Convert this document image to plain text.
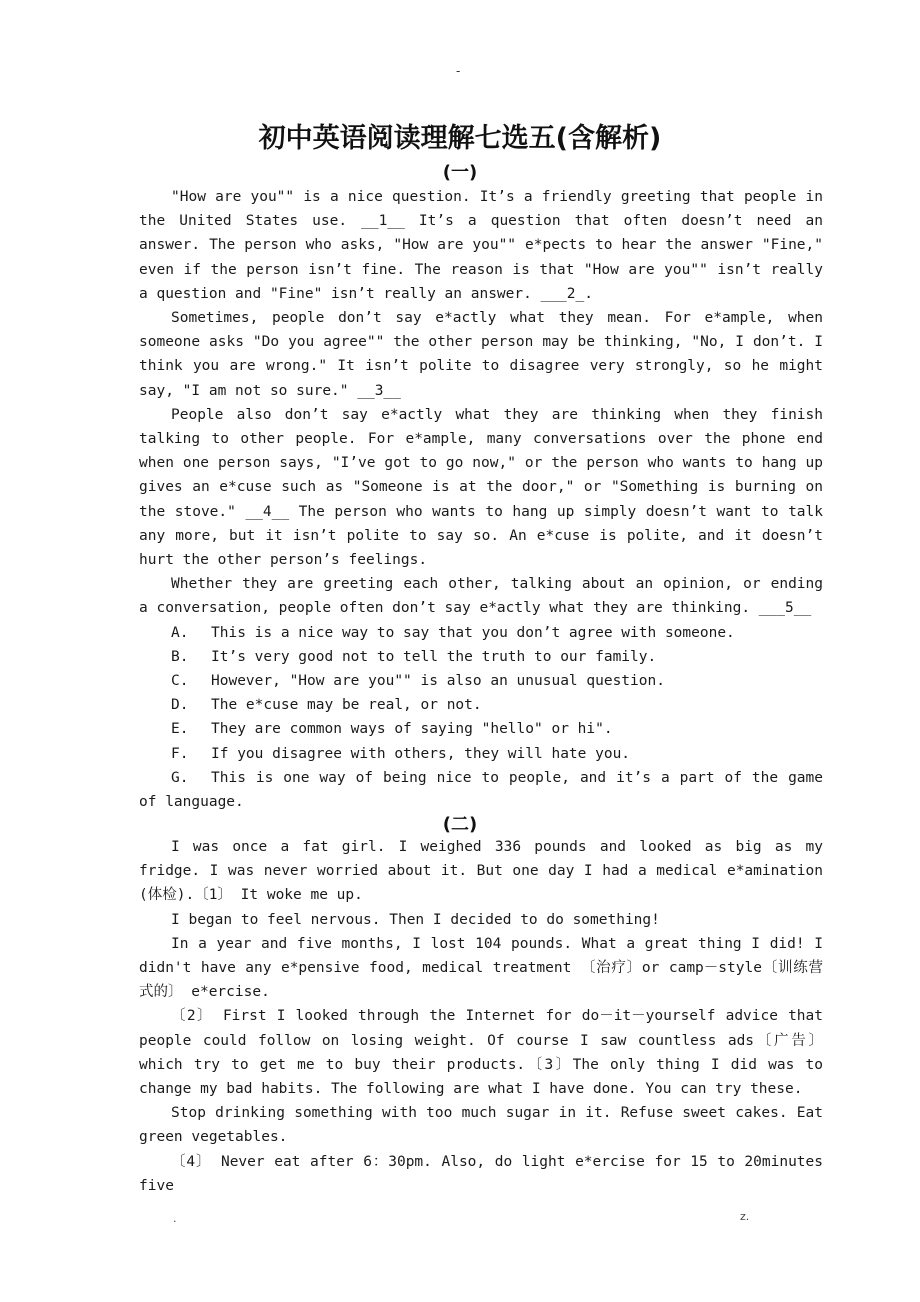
-
初中英语阅读理解七选五(含解析)
(一)

"How are you"" is a nice question. It’s a friendly greeting that people in the United States use. __1__ It’s a question that often doesn’t need an answer. The person who asks, "How are you"" e*pects to hear the answer "Fine," even if the person isn’t fine. The reason is that "How are you"" isn’t really a question and "Fine" isn’t really an answer. ___2_.

Sometimes, people don’t say e*actly what they mean. For e*ample, when someone asks "Do you agree"" the other person may be thinking, "No, I don’t. I think you are wrong." It isn’t polite to disagree very strongly, so he might say, "I am not so sure." __3__

People also don’t say e*actly what they are thinking when they finish talking to other people. For e*ample, many conversations over the phone end when one person says, "I’ve got to go now," or the person who wants to hang up gives an e*cuse such as "Someone is at the door," or "Something is burning on the stove." __4__ The person who wants to hang up simply doesn’t want to talk any more, but it isn’t polite to say so. An e*cuse is polite, and it doesn’t hurt the other person’s feelings.

Whether they are greeting each other, talking about an opinion, or ending a conversation, people often don’t say e*actly what they are thinking. ___5__

A. This is a nice way to say that you don’t agree with someone.

B. It’s very good not to tell the truth to our family.

C. However, "How are you"" is also an unusual question.

D. The e*cuse may be real, or not.

E. They are common ways of saying "hello" or hi".

F. If you disagree with others, they will hate you.

G. This is one way of being nice to people, and it’s a part of the game of language.

(二)

I was once a fat girl. I weighed 336 pounds and looked as big as my fridge. I was never worried about it. But one day I had a medical e*amination (体检).〔1〕 It woke me up.

I began to feel nervous. Then I decided to do something!

In a year and five months, I lost 104 pounds. What a great thing I did! I didn't have any e*pensive food, medical treatment 〔治疗〕or camp－style〔训练营式的〕 e*ercise.

〔2〕 First I looked through the Internet for do－it－yourself advice that people could follow on losing weight. Of course I saw countless ads〔广告〕which try to get me to buy their products.〔3〕The only thing I did was to change my bad habits. The following are what I have done. You can try these.

Stop drinking something with too much sugar in it. Refuse sweet cakes. Eat green vegetables.

〔4〕 Never eat after 6：30pm. Also, do light e*ercise for 15 to 20minutes five

.	z.
